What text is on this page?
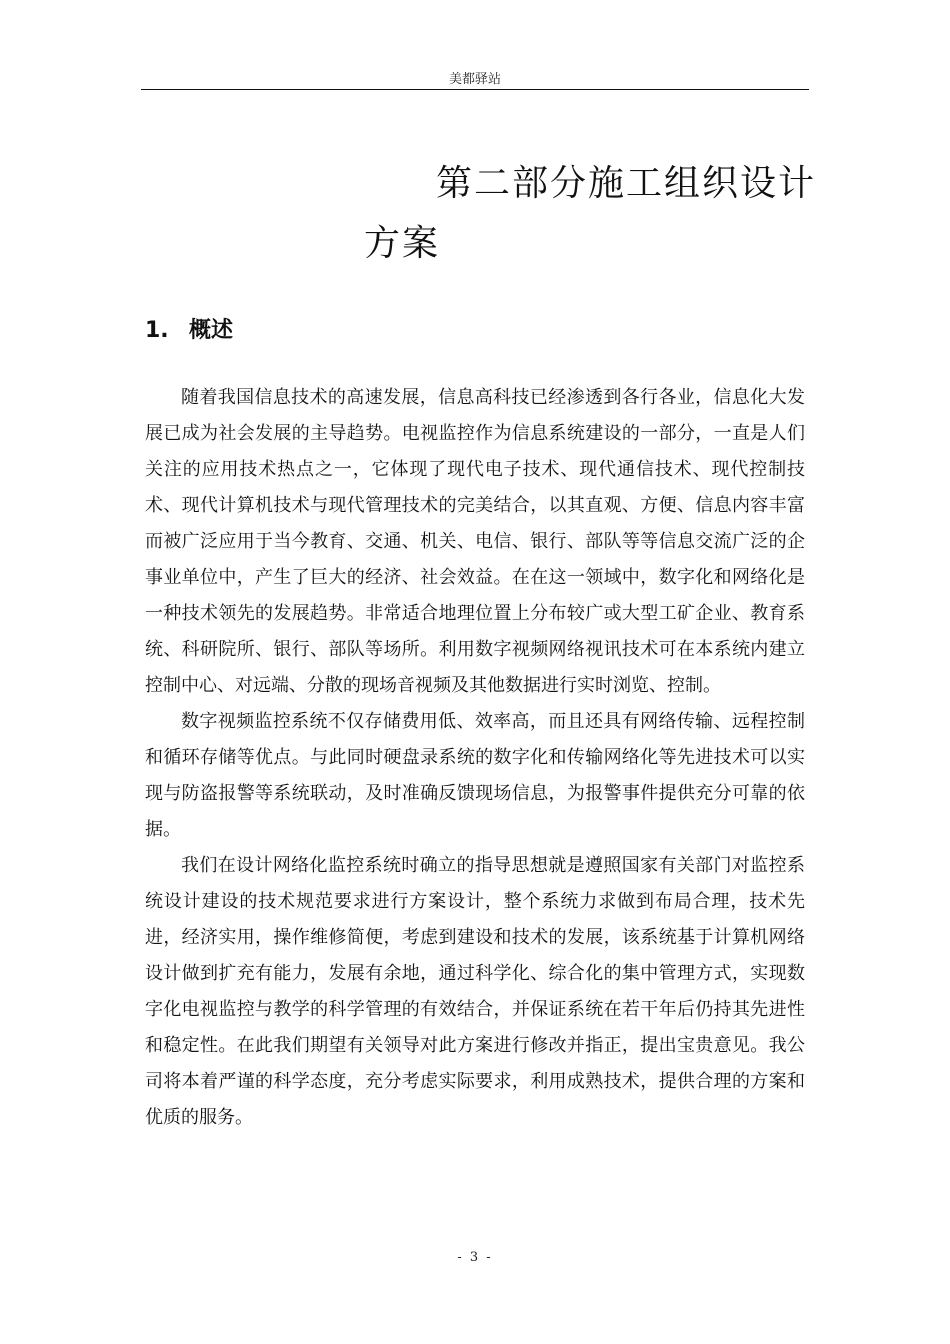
美都驿站
第二部分施工组织设计
方案
1. 概述

随着我国信息技术的高速发展，信息高科技已经渗透到各行各业，信息化大发展已成为社会发展的主导趋势。电视监控作为信息系统建设的一部分，一直是人们关注的应用技术热点之一，它体现了现代电子技术、现代通信技术、现代控制技术、现代计算机技术与现代管理技术的完美结合，以其直观、方便、信息内容丰富而被广泛应用于当今教育、交通、机关、电信、银行、部队等等信息交流广泛的企事业单位中，产生了巨大的经济、社会效益。在在这一领域中，数字化和网络化是一种技术领先的发展趋势。非常适合地理位置上分布较广或大型工矿企业、教育系统、科研院所、银行、部队等场所。利用数字视频网络视讯技术可在本系统内建立控制中心、对远端、分散的现场音视频及其他数据进行实时浏览、控制。

数字视频监控系统不仅存储费用低、效率高，而且还具有网络传输、远程控制和循环存储等优点。与此同时硬盘录系统的数字化和传输网络化等先进技术可以实现与防盗报警等系统联动，及时准确反馈现场信息，为报警事件提供充分可靠的依据。

我们在设计网络化监控系统时确立的指导思想就是遵照国家有关部门对监控系统设计建设的技术规范要求进行方案设计，整个系统力求做到布局合理，技术先进，经济实用，操作维修简便，考虑到建设和技术的发展，该系统基于计算机网络设计做到扩充有能力，发展有余地，通过科学化、综合化的集中管理方式，实现数字化电视监控与教学的科学管理的有效结合，并保证系统在若干年后仍持其先进性和稳定性。在此我们期望有关领导对此方案进行修改并指正，提出宝贵意见。我公司将本着严谨的科学态度，充分考虑实际要求，利用成熟技术，提供合理的方案和优质的服务。

- 3 -
